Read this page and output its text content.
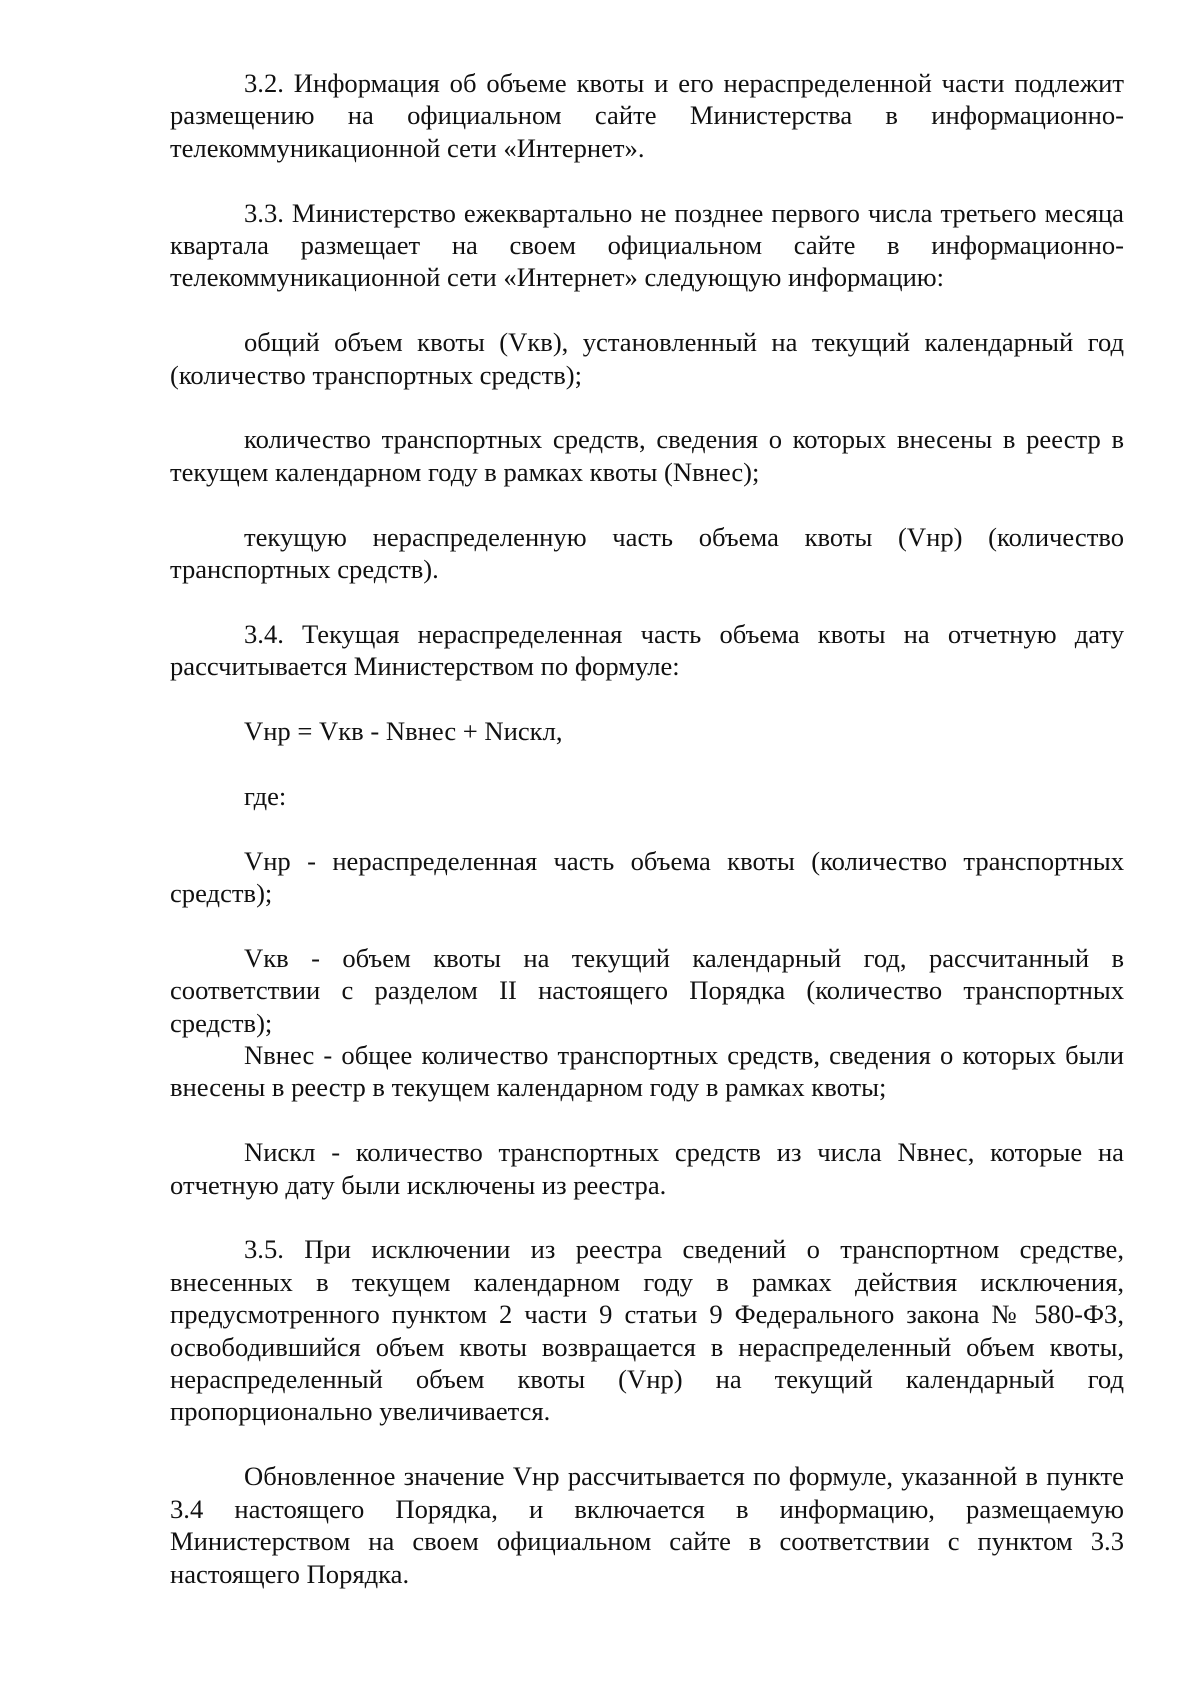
3.2. Информация об объеме квоты и его нераспределенной части подлежит размещению на официальном сайте Министерства в информационно-телекоммуникационной сети «Интернет».

3.3. Министерство ежеквартально не позднее первого числа третьего месяца квартала размещает на своем официальном сайте в информационно-телекоммуникационной сети «Интернет» следующую информацию:

общий объем квоты (Vкв), установленный на текущий календарный год (количество транспортных средств);

количество транспортных средств, сведения о которых внесены в реестр в текущем календарном году в рамках квоты (Nвнес);

текущую нераспределенную часть объема квоты (Vнр) (количество транспортных средств).

3.4. Текущая нераспределенная часть объема квоты на отчетную дату рассчитывается Министерством по формуле:

Vнр = Vкв - Nвнес + Nискл,

где:

Vнр - нераспределенная часть объема квоты (количество транспортных средств);

Vкв - объем квоты на текущий календарный год, рассчитанный в соответствии с разделом II настоящего Порядка (количество транспортных средств);

Nвнес - общее количество транспортных средств, сведения о которых были внесены в реестр в текущем календарном году в рамках квоты;

Nискл - количество транспортных средств из числа Nвнес, которые на отчетную дату были исключены из реестра.

3.5. При исключении из реестра сведений о транспортном средстве, внесенных в текущем календарном году в рамках действия исключения, предусмотренного пунктом 2 части 9 статьи 9 Федерального закона № 580-ФЗ, освободившийся объем квоты возвращается в нераспределенный объем квоты, нераспределенный объем квоты (Vнр) на текущий календарный год пропорционально увеличивается.

Обновленное значение Vнр рассчитывается по формуле, указанной в пункте 3.4 настоящего Порядка, и включается в информацию, размещаемую Министерством на своем официальном сайте в соответствии с пунктом 3.3 настоящего Порядка.
